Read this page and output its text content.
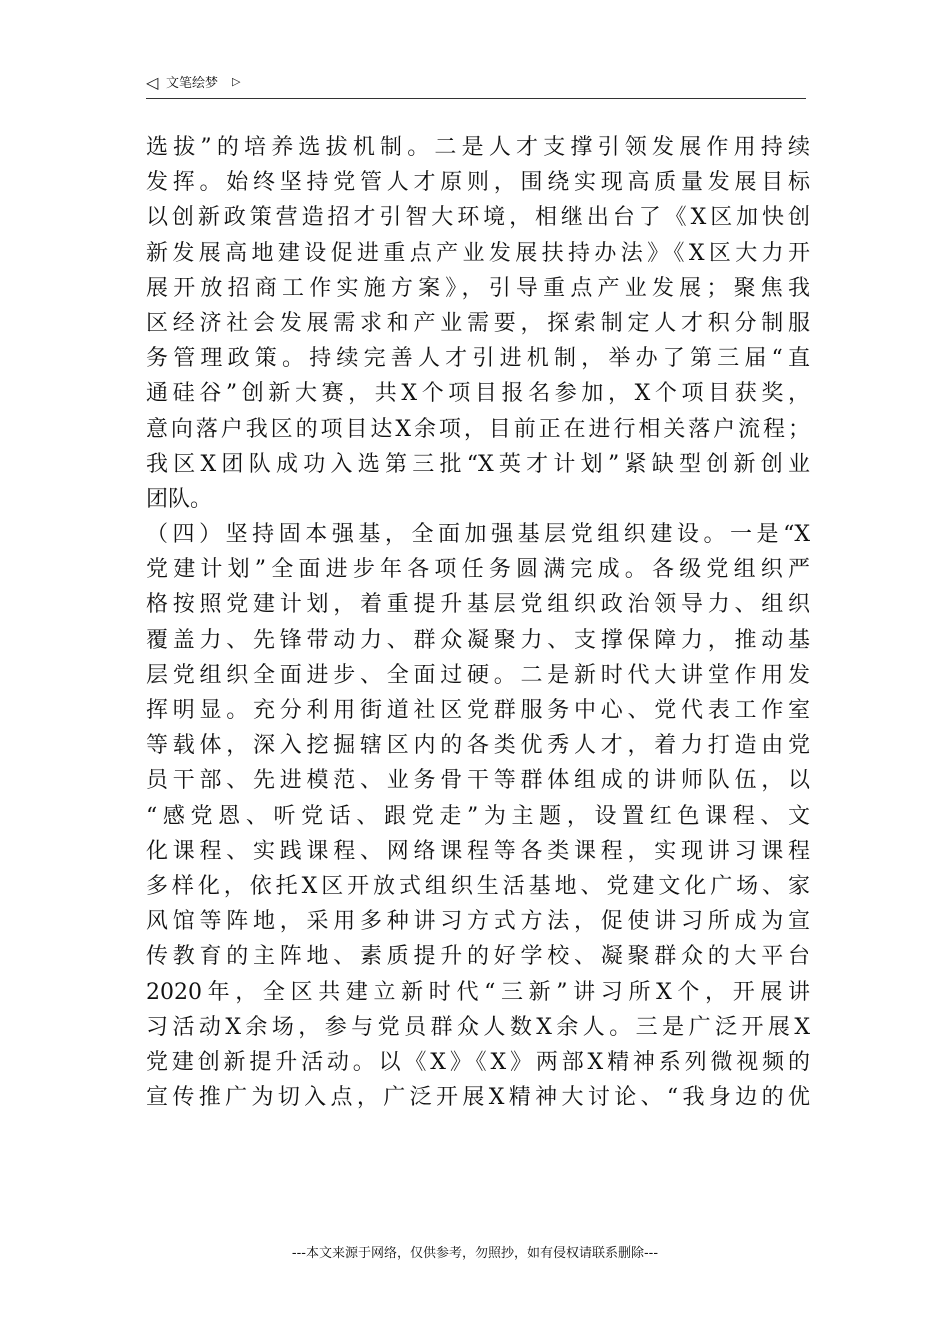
◁ 文笔绘梦 ▷
选拔”的培养选拔机制。二是人才支撑引领发展作用持续
发挥。始终坚持党管人才原则，围绕实现高质量发展目标
以创新政策营造招才引智大环境，相继出台了《X区加快创
新发展高地建设促进重点产业发展扶持办法》《X区大力开
展开放招商工作实施方案》，引导重点产业发展；聚焦我
区经济社会发展需求和产业需要，探索制定人才积分制服
务管理政策。持续完善人才引进机制，举办了第三届“直
通硅谷”创新大赛，共X个项目报名参加，X个项目获奖，
意向落户我区的项目达X余项，目前正在进行相关落户流程；
我区X团队成功入选第三批“X英才计划”紧缺型创新创业
团队。
（四）坚持固本强基，全面加强基层党组织建设。一是“X
党建计划”全面进步年各项任务圆满完成。各级党组织严
格按照党建计划，着重提升基层党组织政治领导力、组织
覆盖力、先锋带动力、群众凝聚力、支撑保障力，推动基
层党组织全面进步、全面过硬。二是新时代大讲堂作用发
挥明显。充分利用街道社区党群服务中心、党代表工作室
等载体，深入挖掘辖区内的各类优秀人才，着力打造由党
员干部、先进模范、业务骨干等群体组成的讲师队伍，以
“感党恩、听党话、跟党走”为主题，设置红色课程、文
化课程、实践课程、网络课程等各类课程，实现讲习课程
多样化，依托X区开放式组织生活基地、党建文化广场、家
风馆等阵地，采用多种讲习方式方法，促使讲习所成为宣
传教育的主阵地、素质提升的好学校、凝聚群众的大平台
2020年，全区共建立新时代“三新”讲习所X个，开展讲
习活动X余场，参与党员群众人数X余人。三是广泛开展X
党建创新提升活动。以《X》《X》两部X精神系列微视频的
宣传推广为切入点，广泛开展X精神大讨论、“我身边的优
---本文来源于网络，仅供参考，勿照抄，如有侵权请联系删除---
